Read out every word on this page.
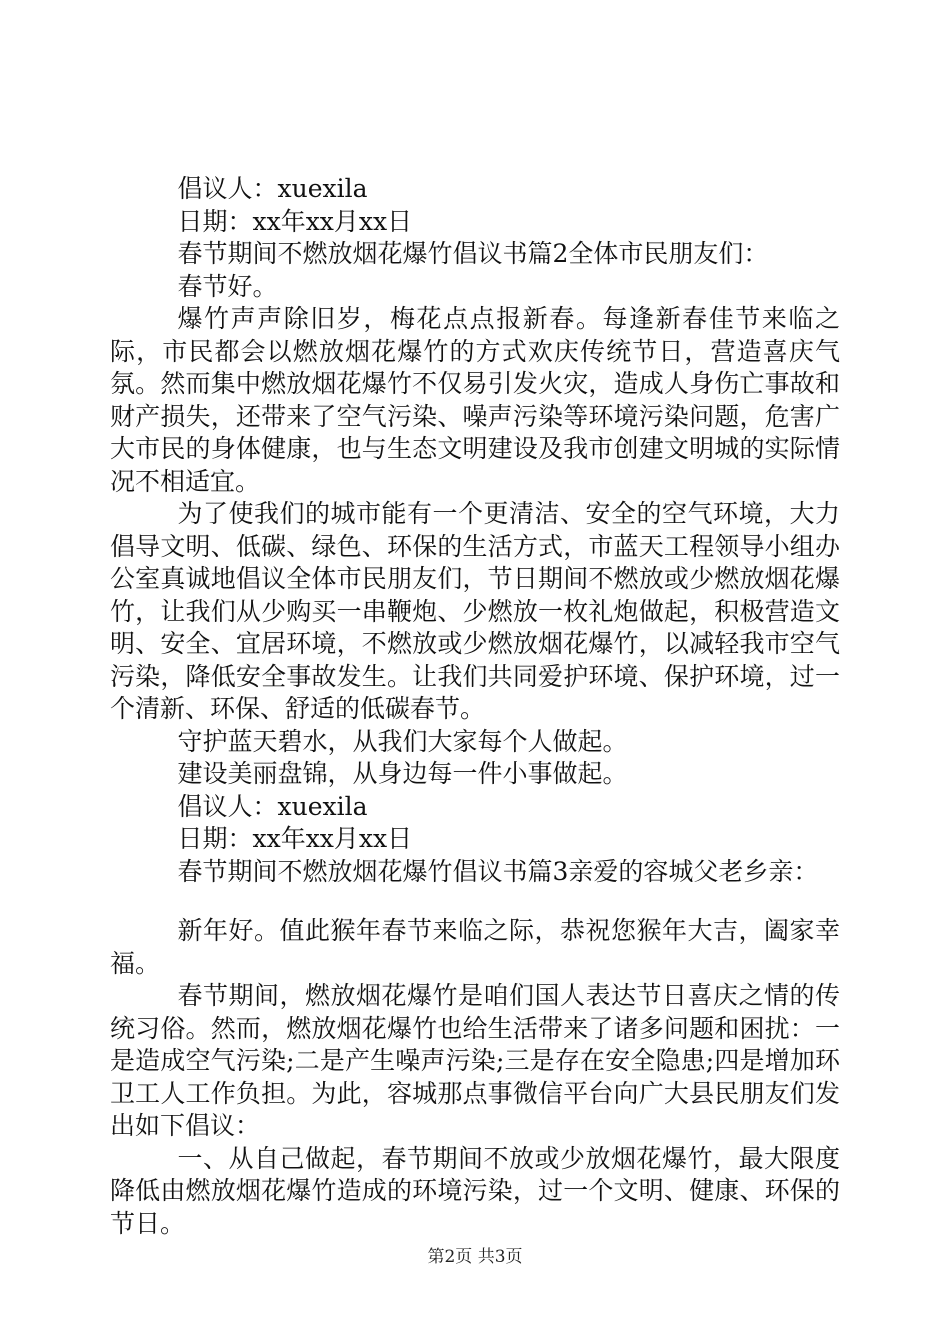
倡议人：xuexila

日期：xx年xx月xx日

春节期间不燃放烟花爆竹倡议书篇2全体市民朋友们：

春节好。

爆竹声声除旧岁，梅花点点报新春。每逢新春佳节来临之际，市民都会以燃放烟花爆竹的方式欢庆传统节日，营造喜庆气氛。然而集中燃放烟花爆竹不仅易引发火灾，造成人身伤亡事故和财产损失，还带来了空气污染、噪声污染等环境污染问题，危害广大市民的身体健康，也与生态文明建设及我市创建文明城的实际情况不相适宜。

为了使我们的城市能有一个更清洁、安全的空气环境，大力倡导文明、低碳、绿色、环保的生活方式，市蓝天工程领导小组办公室真诚地倡议全体市民朋友们，节日期间不燃放或少燃放烟花爆竹，让我们从少购买一串鞭炮、少燃放一枚礼炮做起，积极营造文明、安全、宜居环境，不燃放或少燃放烟花爆竹，以减轻我市空气污染，降低安全事故发生。让我们共同爱护环境、保护环境，过一个清新、环保、舒适的低碳春节。

守护蓝天碧水，从我们大家每个人做起。

建设美丽盘锦，从身边每一件小事做起。

倡议人：xuexila

日期：xx年xx月xx日

春节期间不燃放烟花爆竹倡议书篇3亲爱的容城父老乡亲：

新年好。值此猴年春节来临之际，恭祝您猴年大吉，阖家幸福。

春节期间，燃放烟花爆竹是咱们国人表达节日喜庆之情的传统习俗。然而，燃放烟花爆竹也给生活带来了诸多问题和困扰：一是造成空气污染;二是产生噪声污染;三是存在安全隐患;四是增加环卫工人工作负担。为此，容城那点事微信平台向广大县民朋友们发出如下倡议：

一、从自己做起，春节期间不放或少放烟花爆竹，最大限度降低由燃放烟花爆竹造成的环境污染，过一个文明、健康、环保的节日。

第2页 共3页
